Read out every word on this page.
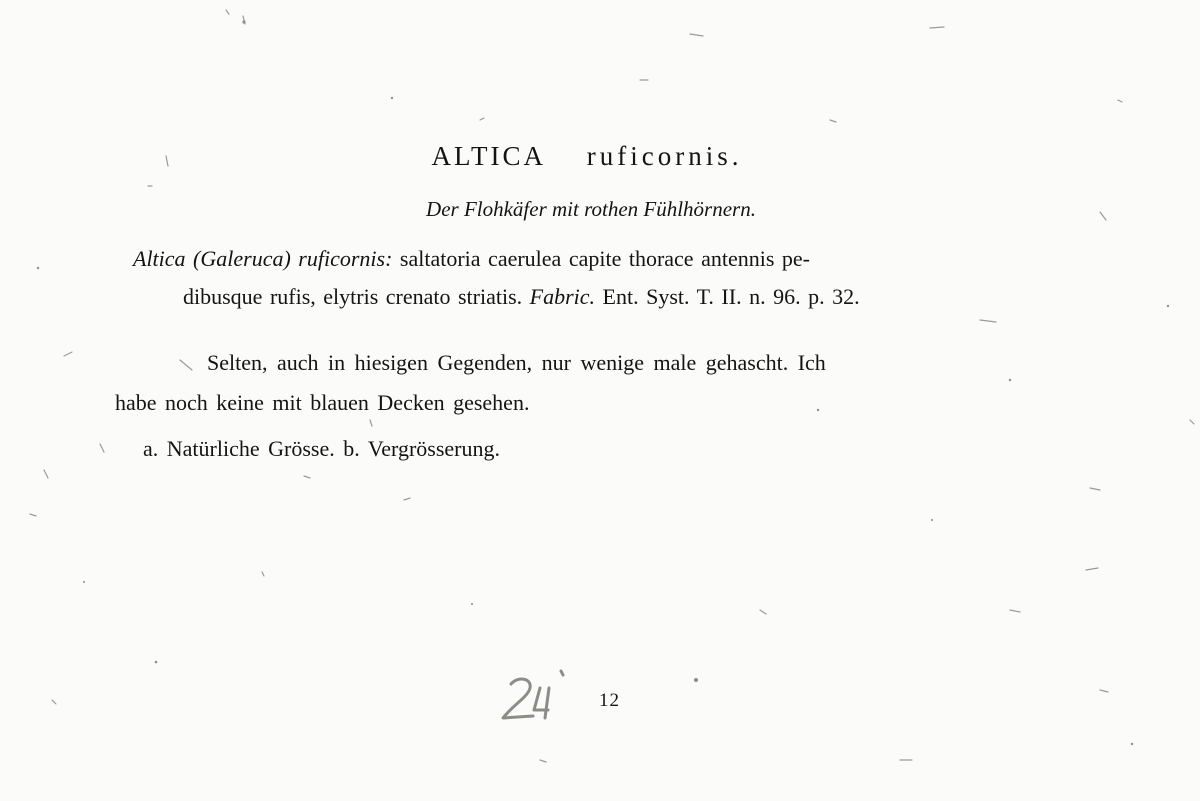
ALTICA ruficornis.
Der Flohkäfer mit rothen Fühlhörnern.
Altica (Galeruca) ruficornis: saltatoria caerulea capite thorace antennis pe-
dibusque rufis, elytris crenato striatis. Fabric. Ent. Syst. T. II. n. 96. p. 32.
Selten, auch in hiesigen Gegenden, nur wenige male gehascht. Ich
habe noch keine mit blauen Decken gesehen.
a. Natürliche Grösse. b. Vergrösserung.
12
